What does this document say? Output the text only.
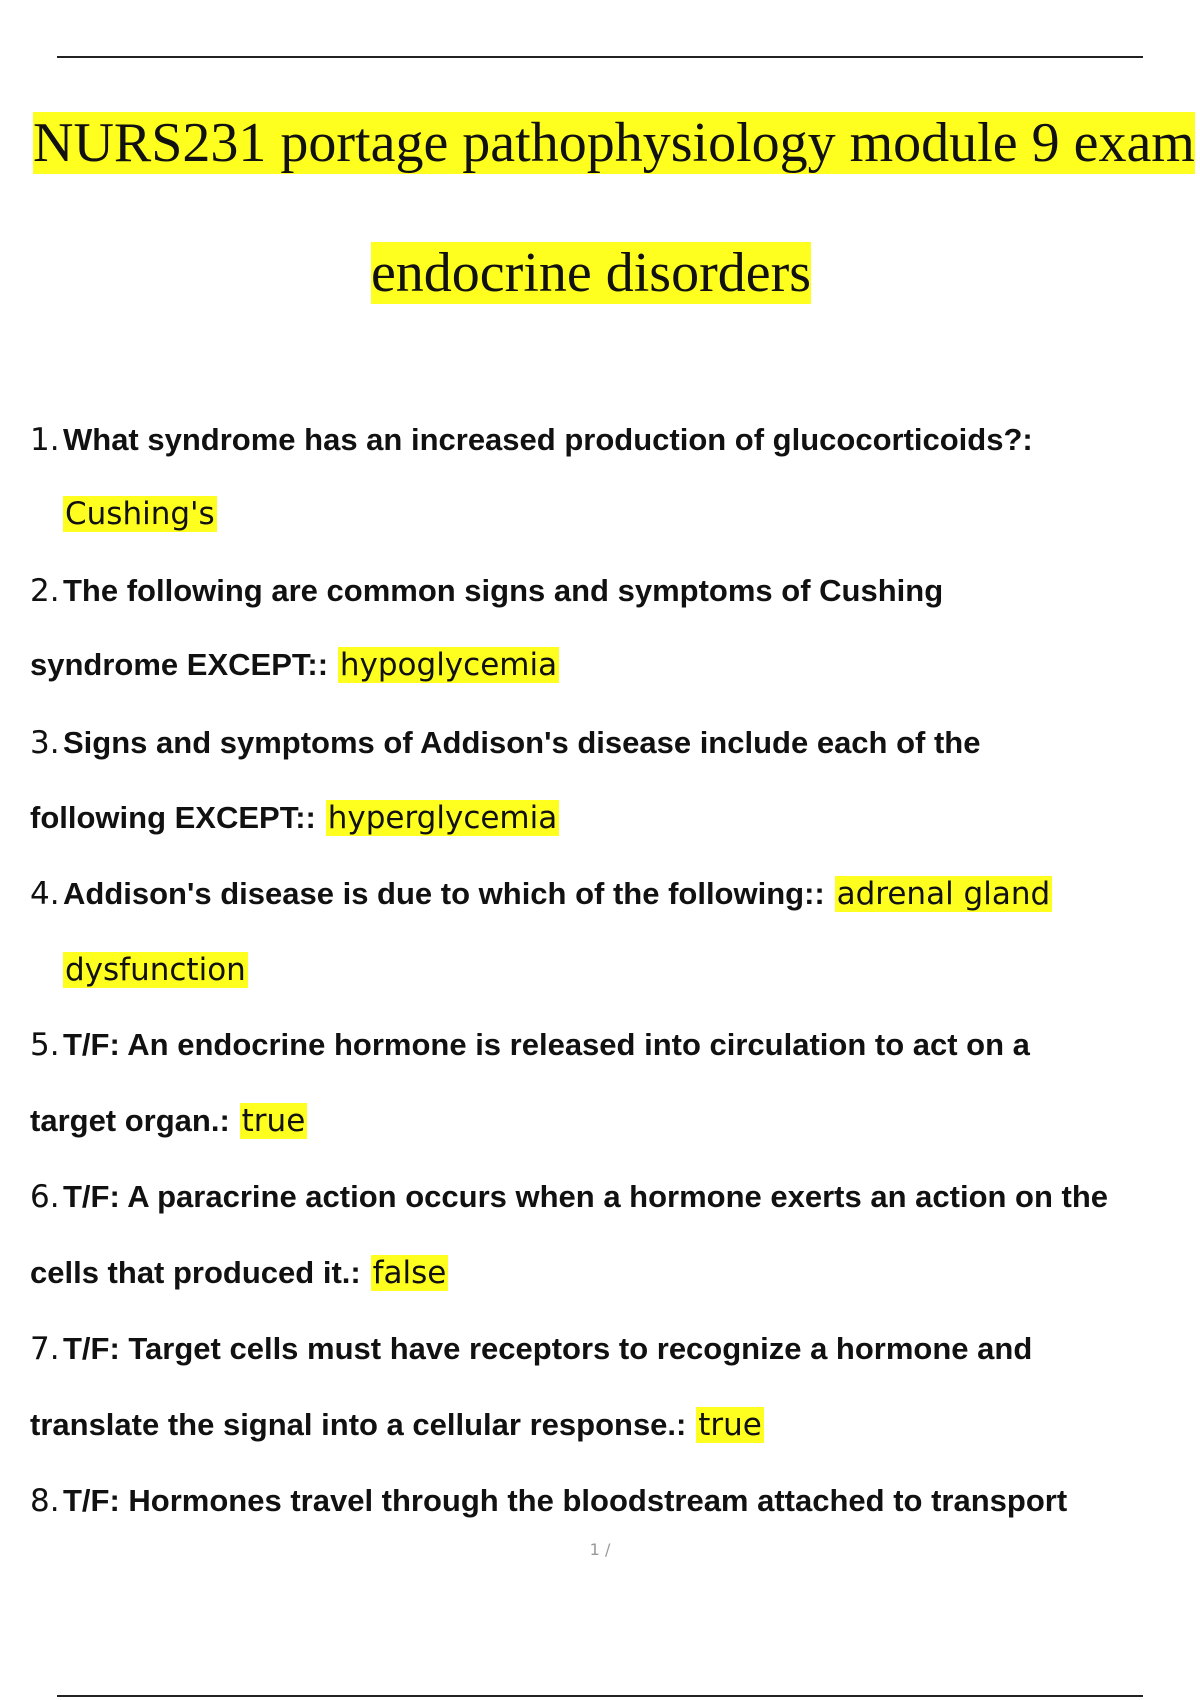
NURS231 portage pathophysiology module 9 exam
endocrine disorders
1. What syndrome has an increased production of glucocorticoids?:
Cushing's
2. The following are common signs and symptoms of Cushing
syndrome EXCEPT:: hypoglycemia
3. Signs and symptoms of Addison's disease include each of the
following EXCEPT:: hyperglycemia
4. Addison's disease is due to which of the following:: adrenal gland
dysfunction
5. T/F: An endocrine hormone is released into circulation to act on a
target organ.: true
6. T/F: A paracrine action occurs when a hormone exerts an action on the
cells that produced it.: false
7. T/F: Target cells must have receptors to recognize a hormone and
translate the signal into a cellular response.: true
8. T/F: Hormones travel through the bloodstream attached to transport
1 /
